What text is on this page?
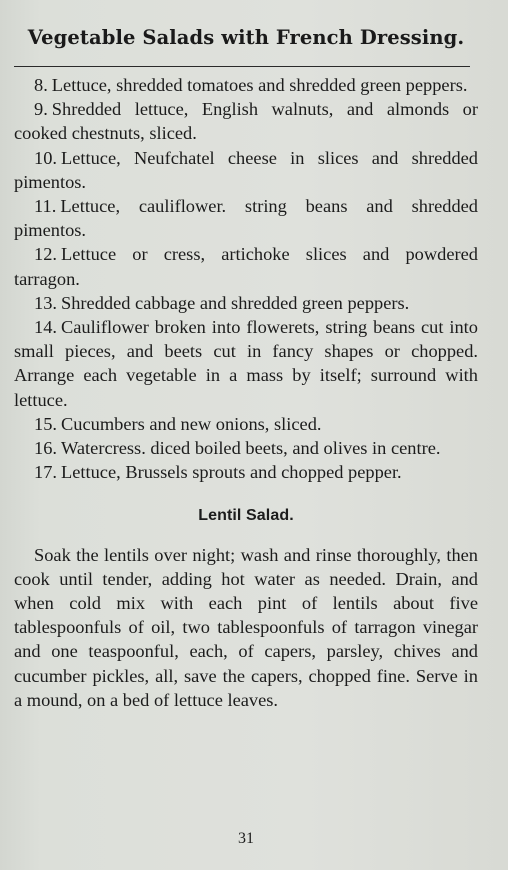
Vegetable Salads with French Dressing.

8. Lettuce, shredded tomatoes and shredded green peppers.

9. Shredded lettuce, English walnuts, and almonds or cooked chestnuts, sliced.

10. Lettuce, Neufchatel cheese in slices and shredded pimentos.

11. Lettuce, cauliflower. string beans and shredded pimentos.

12. Lettuce or cress, artichoke slices and powdered tarragon.

13. Shredded cabbage and shredded green peppers.

14. Cauliflower broken into flowerets, string beans cut into small pieces, and beets cut in fancy shapes or chopped. Arrange each vegetable in a mass by itself; surround with lettuce.

15. Cucumbers and new onions, sliced.

16. Watercress. diced boiled beets, and olives in centre.

17. Lettuce, Brussels sprouts and chopped pepper.

Lentil Salad.

Soak the lentils over night; wash and rinse thoroughly, then cook until tender, adding hot water as needed. Drain, and when cold mix with each pint of lentils about five tablespoonfuls of oil, two tablespoonfuls of tarragon vinegar and one teaspoonful, each, of capers, parsley, chives and cucumber pickles, all, save the capers, chopped fine. Serve in a mound, on a bed of lettuce leaves.

31
